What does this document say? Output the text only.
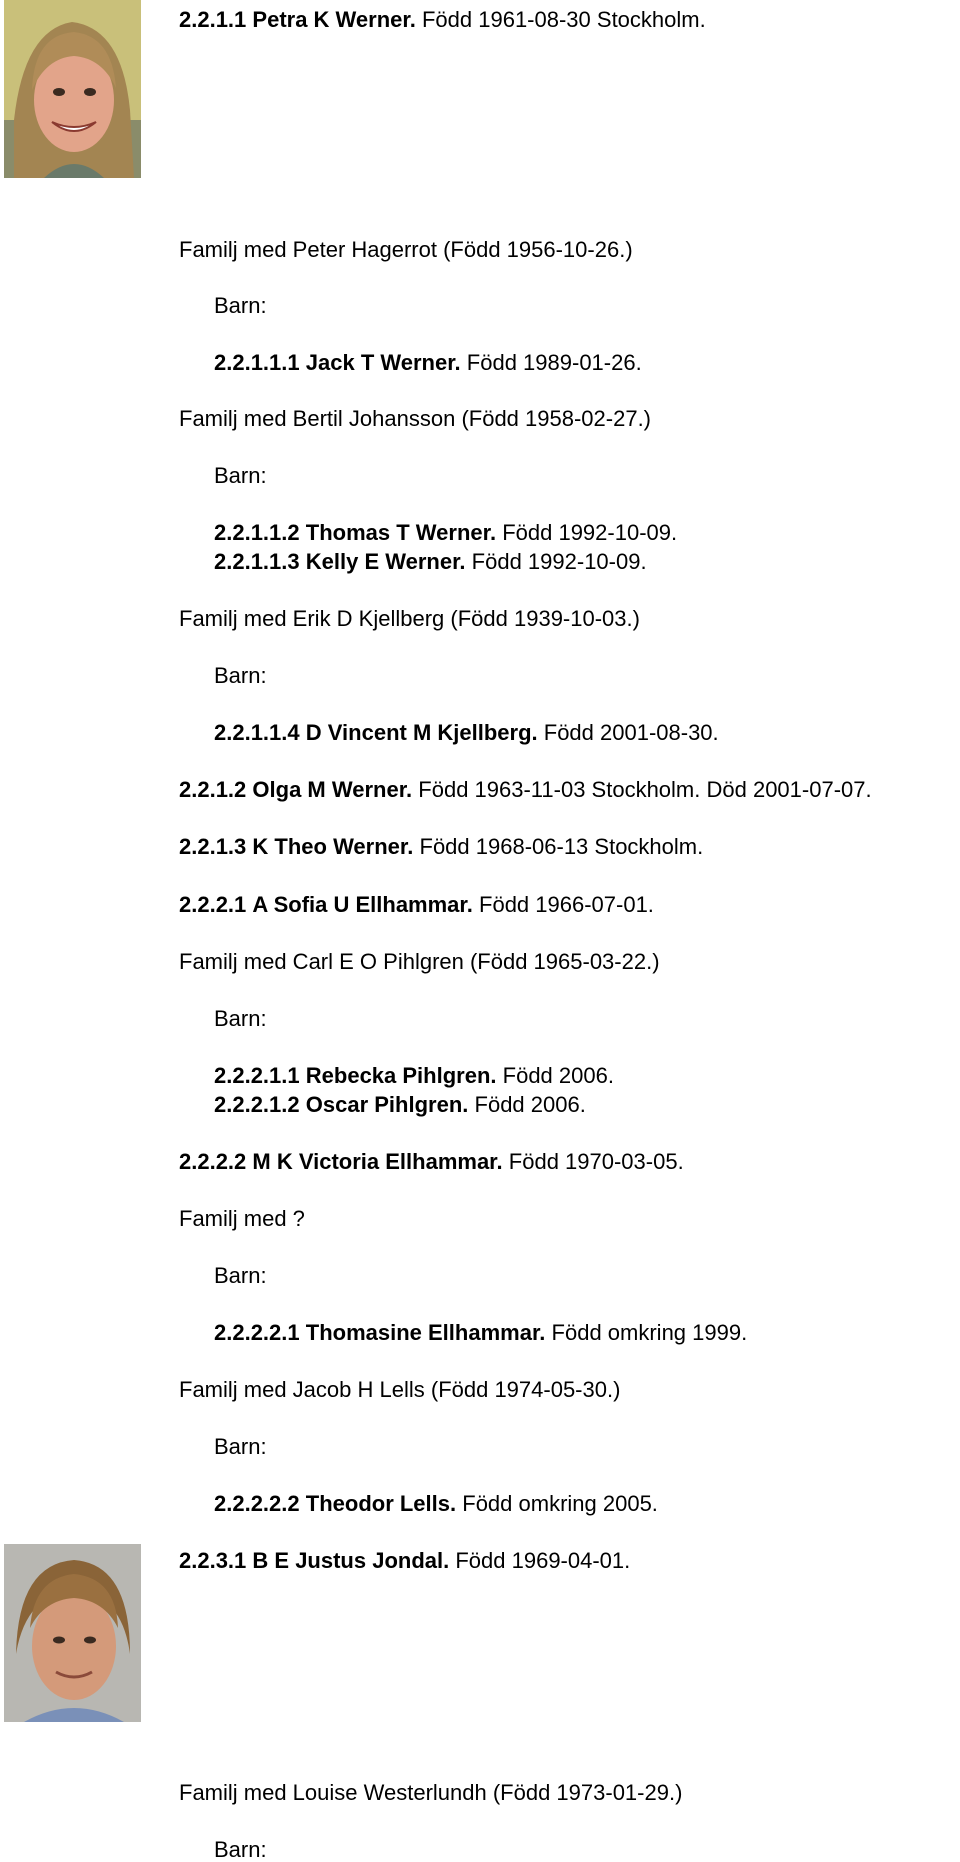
2.2.1.1 Petra K Werner. Född 1961-08-30 Stockholm.
Familj med Peter Hagerrot (Född 1956-10-26.)
Barn:
2.2.1.1.1 Jack T Werner. Född 1989-01-26.
Familj med Bertil Johansson (Född 1958-02-27.)
Barn:
2.2.1.1.2 Thomas T Werner. Född 1992-10-09.
2.2.1.1.3 Kelly E Werner. Född 1992-10-09.
Familj med Erik D Kjellberg (Född 1939-10-03.)
Barn:
2.2.1.1.4 D Vincent M Kjellberg. Född 2001-08-30.
2.2.1.2 Olga M Werner. Född 1963-11-03 Stockholm. Död 2001-07-07.
2.2.1.3 K Theo Werner. Född 1968-06-13 Stockholm.
2.2.2.1 A Sofia U Ellhammar. Född 1966-07-01.
Familj med Carl E O Pihlgren (Född 1965-03-22.)
Barn:
2.2.2.1.1 Rebecka Pihlgren. Född 2006.
2.2.2.1.2 Oscar Pihlgren. Född 2006.
2.2.2.2 M K Victoria Ellhammar. Född 1970-03-05.
Familj med ?
Barn:
2.2.2.2.1 Thomasine Ellhammar. Född omkring 1999.
Familj med Jacob H Lells (Född 1974-05-30.)
Barn:
2.2.2.2.2 Theodor Lells. Född omkring 2005.
2.2.3.1 B E Justus Jondal. Född 1969-04-01.
Familj med Louise Westerlundh (Född 1973-01-29.)
Barn:
